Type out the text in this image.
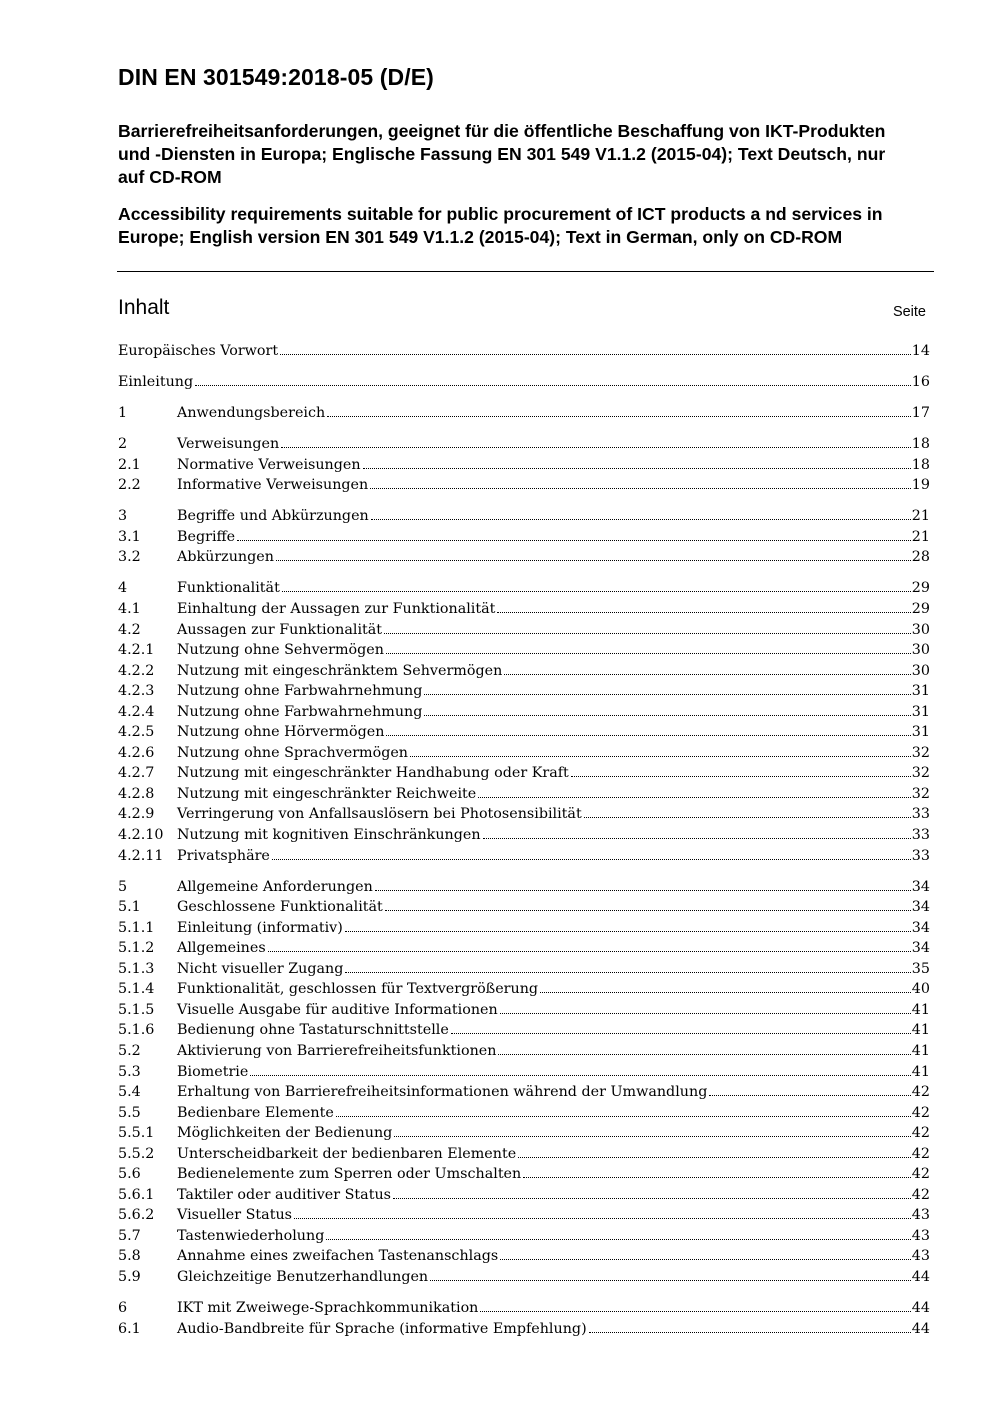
DIN EN 301549:2018-05 (D/E)

Barrierefreiheitsanforderungen, geeignet für die öffentliche Beschaffung von IKT-Produkten und -Diensten in Europa; Englische Fassung EN 301 549 V1.1.2 (2015-04); Text Deutsch, nur auf CD-ROM

Accessibility requirements suitable for public procurement of ICT products a nd services in Europe; English version EN 301 549 V1.1.2 (2015-04); Text in German, only on CD-ROM

Inhalt	Seite
Europäisches Vorwort	14
Einleitung	16
1	Anwendungsbereich	17
2	Verweisungen	18
2.1	Normative Verweisungen	18
2.2	Informative Verweisungen	19
3	Begriffe und Abkürzungen	21
3.1	Begriffe	21
3.2	Abkürzungen	28
4	Funktionalität	29
4.1	Einhaltung der Aussagen zur Funktionalität	29
4.2	Aussagen zur Funktionalität	30
4.2.1	Nutzung ohne Sehvermögen	30
4.2.2	Nutzung mit eingeschränktem Sehvermögen	30
4.2.3	Nutzung ohne Farbwahrnehmung	31
4.2.4	Nutzung ohne Farbwahrnehmung	31
4.2.5	Nutzung ohne Hörvermögen	31
4.2.6	Nutzung ohne Sprachvermögen	32
4.2.7	Nutzung mit eingeschränkter Handhabung oder Kraft	32
4.2.8	Nutzung mit eingeschränkter Reichweite	32
4.2.9	Verringerung von Anfallsauslösern bei Photosensibilität	33
4.2.10 Nutzung mit kognitiven Einschränkungen	33
4.2.11 Privatsphäre	33
5	Allgemeine Anforderungen	34
5.1	Geschlossene Funktionalität	34
5.1.1	Einleitung (informativ)	34
5.1.2	Allgemeines	34
5.1.3	Nicht visueller Zugang	35
5.1.4	Funktionalität, geschlossen für Textvergrößerung	40
5.1.5	Visuelle Ausgabe für auditive Informationen	41
5.1.6	Bedienung ohne Tastaturschnittstelle	41
5.2	Aktivierung von Barrierefreiheitsfunktionen	41
5.3	Biometrie	41
5.4	Erhaltung von Barrierefreiheitsinformationen während der Umwandlung	42
5.5	Bedienbare Elemente	42
5.5.1	Möglichkeiten der Bedienung	42
5.5.2	Unterscheidbarkeit der bedienbaren Elemente	42
5.6	Bedienelemente zum Sperren oder Umschalten	42
5.6.1	Taktiler oder auditiver Status	42
5.6.2	Visueller Status	43
5.7	Tastenwiederholung	43
5.8	Annahme eines zweifachen Tastenanschlags	43
5.9	Gleichzeitige Benutzerhandlungen	44
6	IKT mit Zweiwege-Sprachkommunikation	44
6.1	Audio-Bandbreite für Sprache (informative Empfehlung)	44
